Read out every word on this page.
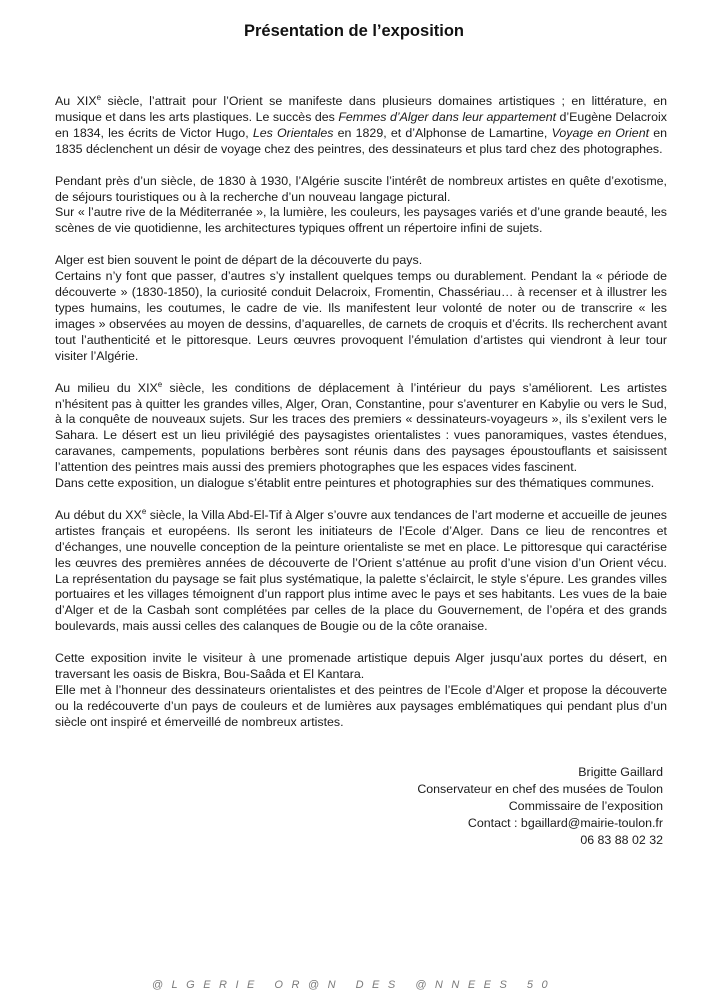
Présentation de l’exposition

Au XIXe siècle, l’attrait pour l’Orient se manifeste dans plusieurs domaines artistiques ; en littérature, en musique et dans les arts plastiques. Le succès des Femmes d’Alger dans leur appartement d’Eugène Delacroix en 1834, les écrits de Victor Hugo, Les Orientales en 1829, et d’Alphonse de Lamartine, Voyage en Orient en 1835 déclenchent un désir de voyage chez des peintres, des dessinateurs et plus tard chez des photographes.

Pendant près d’un siècle, de 1830 à 1930, l’Algérie suscite l’intérêt de nombreux artistes en quête d’exotisme, de séjours touristiques ou à la recherche d’un nouveau langage pictural.
Sur « l’autre rive de la Méditerranée », la lumière, les couleurs, les paysages variés et d’une grande beauté, les scènes de vie quotidienne, les architectures typiques offrent un répertoire infini de sujets.

Alger est bien souvent le point de départ de la découverte du pays.
Certains n’y font que passer, d’autres s’y installent quelques temps ou durablement. Pendant la « période de découverte » (1830-1850), la curiosité conduit Delacroix, Fromentin, Chassériau… à recenser et à illustrer les types humains, les coutumes, le cadre de vie. Ils manifestent leur volonté de noter ou de transcrire « les images » observées au moyen de dessins, d’aquarelles, de carnets de croquis et d’écrits. Ils recherchent avant tout l’authenticité et le pittoresque. Leurs œuvres provoquent l’émulation d’artistes qui viendront à leur tour visiter l’Algérie.

Au milieu du XIXe siècle, les conditions de déplacement à l’intérieur du pays s’améliorent. Les artistes n’hésitent pas à quitter les grandes villes, Alger, Oran, Constantine, pour s’aventurer en Kabylie ou vers le Sud, à la conquête de nouveaux sujets. Sur les traces des premiers « dessinateurs-voyageurs », ils s’exilent vers le Sahara. Le désert est un lieu privilégié des paysagistes orientalistes : vues panoramiques, vastes étendues, caravanes, campements, populations berbères sont réunis dans des paysages époustouflants et saisissent l’attention des peintres mais aussi des premiers photographes que les espaces vides fascinent.
Dans cette exposition, un dialogue s’établit entre peintures et photographies sur des thématiques communes.

Au début du XXe siècle, la Villa Abd-El-Tif à Alger s’ouvre aux tendances de l’art moderne et accueille de jeunes artistes français et européens. Ils seront les initiateurs de l’Ecole d’Alger. Dans ce lieu de rencontres et d’échanges, une nouvelle conception de la peinture orientaliste se met en place. Le pittoresque qui caractérise les œuvres des premières années de découverte de l’Orient s’atténue au profit d’une vision d’un Orient vécu. La représentation du paysage se fait plus systématique, la palette s’éclaircit, le style s’épure. Les grandes villes portuaires et les villages témoignent d’un rapport plus intime avec le pays et ses habitants. Les vues de la baie d’Alger et de la Casbah sont complétées par celles de la place du Gouvernement, de l’opéra et des grands boulevards, mais aussi celles des calanques de Bougie ou de la côte oranaise.

Cette exposition invite le visiteur à une promenade artistique depuis Alger jusqu’aux portes du désert, en traversant les oasis de Biskra, Bou-Saâda et El Kantara.
Elle met à l’honneur des dessinateurs orientalistes et des peintres de l’Ecole d’Alger et propose la découverte ou la redécouverte d’un pays de couleurs et de lumières aux paysages emblématiques qui pendant plus d’un siècle ont inspiré et émerveillé de nombreux artistes.

Brigitte Gaillard
Conservateur en chef des musées de Toulon
Commissaire de l’exposition
Contact : bgaillard@mairie-toulon.fr
06 83 88 02 32
@LGERIE OR@N DES @NNEES 50
